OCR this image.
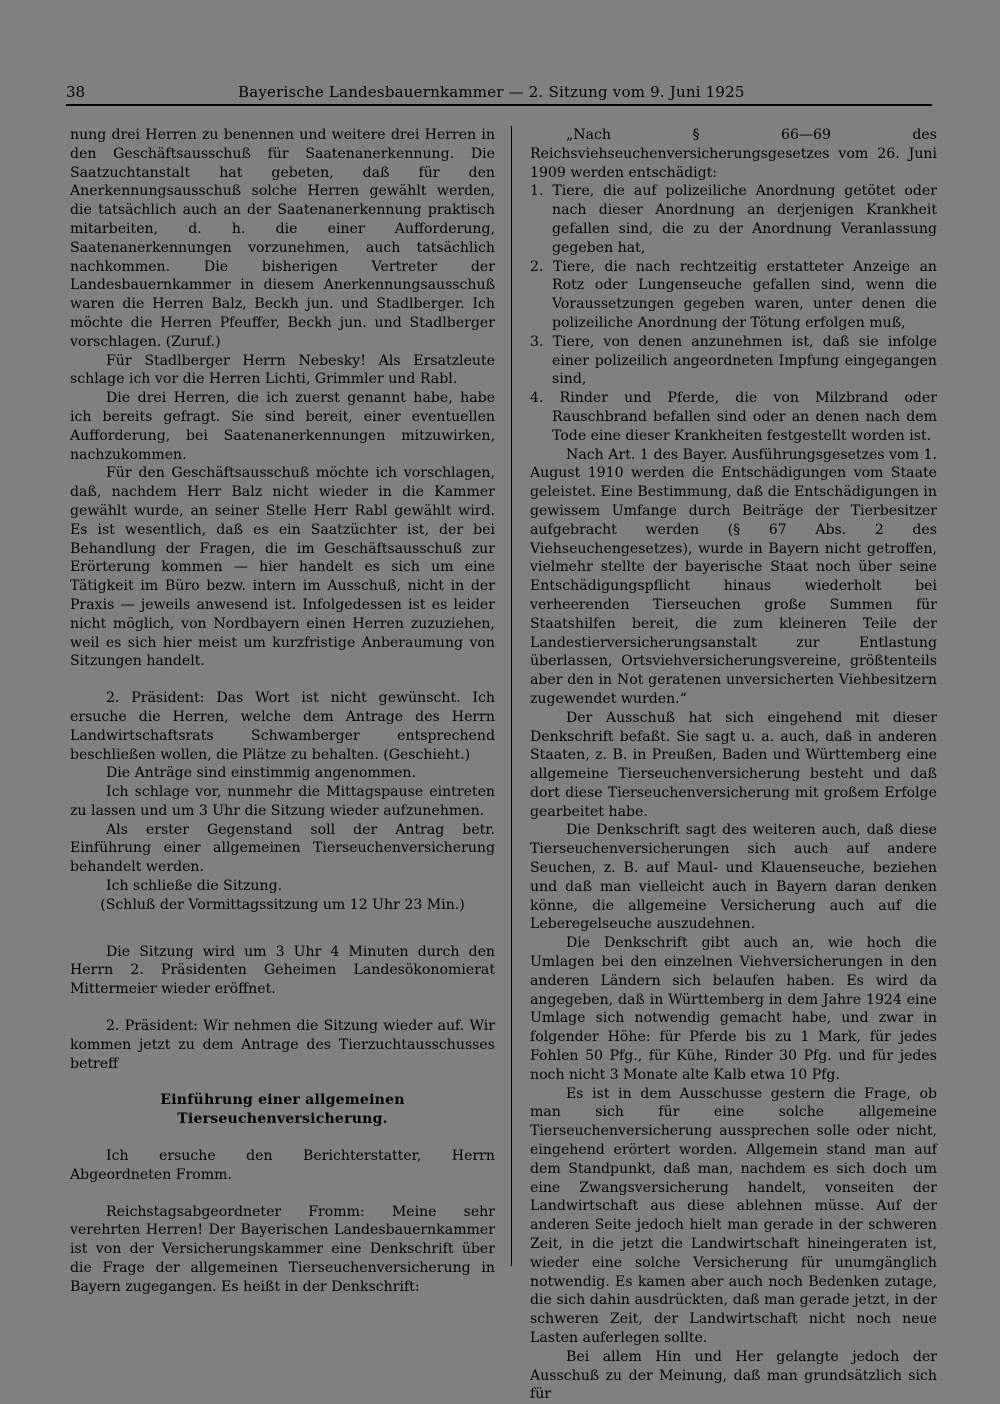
38	Bayerische Landesbauernkammer — 2. Sitzung vom 9. Juni 1925

nung drei Herren zu benennen und weitere drei Herren in den Geschäftsausschuß für Saatenanerkennung. Die Saatzuchtanstalt hat gebeten, daß für den Anerkennungsausschuß solche Herren gewählt werden, die tatsächlich auch an der Saatenanerkennung praktisch mitarbeiten, d. h. die einer Aufforderung, Saatenanerkennungen vorzunehmen, auch tatsächlich nachkommen. Die bisherigen Vertreter der Landesbauernkammer in diesem Anerkennungsausschuß waren die Herren Balz, Beckh jun. und Stadlberger. Ich möchte die Herren Pfeuffer, Beckh jun. und Stadlberger vorschlagen. (Zuruf.)

Für Stadlberger Herrn Nebesky! Als Ersatzleute schlage ich vor die Herren Lichti, Grimmler und Rabl.

Die drei Herren, die ich zuerst genannt habe, habe ich bereits gefragt. Sie sind bereit, einer eventuellen Aufforderung, bei Saatenanerkennungen mitzuwirken, nachzukommen.

Für den Geschäftsausschuß möchte ich vorschlagen, daß, nachdem Herr Balz nicht wieder in die Kammer gewählt wurde, an seiner Stelle Herr Rabl gewählt wird. Es ist wesentlich, daß es ein Saatzüchter ist, der bei Behandlung der Fragen, die im Geschäftsausschuß zur Erörterung kommen — hier handelt es sich um eine Tätigkeit im Büro bezw. intern im Ausschuß, nicht in der Praxis — jeweils anwesend ist. Infolgedessen ist es leider nicht möglich, von Nordbayern einen Herren zuzuziehen, weil es sich hier meist um kurzfristige Anberaumung von Sitzungen handelt.

2. Präsident: Das Wort ist nicht gewünscht. Ich ersuche die Herren, welche dem Antrage des Herrn Landwirtschaftsrats Schwamberger entsprechend beschließen wollen, die Plätze zu behalten. (Geschieht.)

Die Anträge sind einstimmig angenommen.

Ich schlage vor, nunmehr die Mittagspause eintreten zu lassen und um 3 Uhr die Sitzung wieder aufzunehmen.

Als erster Gegenstand soll der Antrag betr. Einführung einer allgemeinen Tierseuchenversicherung behandelt werden.

Ich schließe die Sitzung.

(Schluß der Vormittagssitzung um 12 Uhr 23 Min.)

Die Sitzung wird um 3 Uhr 4 Minuten durch den Herrn 2. Präsidenten Geheimen Landesökonomierat Mittermeier wieder eröffnet.

2. Präsident: Wir nehmen die Sitzung wieder auf. Wir kommen jetzt zu dem Antrage des Tierzuchtausschusses betreff

Einführung einer allgemeinen Tierseuchenversicherung.

Ich ersuche den Berichterstatter, Herrn Abgeordneten Fromm.

Reichstagsabgeordneter Fromm: Meine sehr verehrten Herren! Der Bayerischen Landesbauernkammer ist von der Versicherungskammer eine Denkschrift über die Frage der allgemeinen Tierseuchenversicherung in Bayern zugegangen. Es heißt in der Denkschrift:

„Nach § 66—69 des Reichsviehseuchenversicherungsgesetzes vom 26. Juni 1909 werden entschädigt:

1. Tiere, die auf polizeiliche Anordnung getötet oder nach dieser Anordnung an derjenigen Krankheit gefallen sind, die zu der Anordnung Veranlassung gegeben hat,

2. Tiere, die nach rechtzeitig erstatteter Anzeige an Rotz oder Lungenseuche gefallen sind, wenn die Voraussetzungen gegeben waren, unter denen die polizeiliche Anordnung der Tötung erfolgen muß,

3. Tiere, von denen anzunehmen ist, daß sie infolge einer polizeilich angeordneten Impfung eingegangen sind,

4. Rinder und Pferde, die von Milzbrand oder Rauschbrand befallen sind oder an denen nach dem Tode eine dieser Krankheiten festgestellt worden ist.

Nach Art. 1 des Bayer. Ausführungsgesetzes vom 1. August 1910 werden die Entschädigungen vom Staate geleistet. Eine Bestimmung, daß die Entschädigungen in gewissem Umfange durch Beiträge der Tierbesitzer aufgebracht werden (§ 67 Abs. 2 des Viehseuchengesetzes), wurde in Bayern nicht getroffen, vielmehr stellte der bayerische Staat noch über seine Entschädigungspflicht hinaus wiederholt bei verheerenden Tierseuchen große Summen für Staatshilfen bereit, die zum kleineren Teile der Landestierversicherungsanstalt zur Entlastung überlassen, Ortsviehversicherungsvereine, größtenteils aber den in Not geratenen unversicherten Viehbesitzern zugewendet wurden.“

Der Ausschuß hat sich eingehend mit dieser Denkschrift befaßt. Sie sagt u. a. auch, daß in anderen Staaten, z. B. in Preußen, Baden und Württemberg eine allgemeine Tierseuchenversicherung besteht und daß dort diese Tierseuchenversicherung mit großem Erfolge gearbeitet habe.

Die Denkschrift sagt des weiteren auch, daß diese Tierseuchenversicherungen sich auch auf andere Seuchen, z. B. auf Maul- und Klauenseuche, beziehen und daß man vielleicht auch in Bayern daran denken könne, die allgemeine Versicherung auch auf die Leberegelseuche auszudehnen.

Die Denkschrift gibt auch an, wie hoch die Umlagen bei den einzelnen Viehversicherungen in den anderen Ländern sich belaufen haben. Es wird da angegeben, daß in Württemberg in dem Jahre 1924 eine Umlage sich notwendig gemacht habe, und zwar in folgender Höhe: für Pferde bis zu 1 Mark, für jedes Fohlen 50 Pfg., für Kühe, Rinder 30 Pfg. und für jedes noch nicht 3 Monate alte Kalb etwa 10 Pfg.

Es ist in dem Ausschusse gestern die Frage, ob man sich für eine solche allgemeine Tierseuchenversicherung aussprechen solle oder nicht, eingehend erörtert worden. Allgemein stand man auf dem Standpunkt, daß man, nachdem es sich doch um eine Zwangsversicherung handelt, vonseiten der Landwirtschaft aus diese ablehnen müsse. Auf der anderen Seite jedoch hielt man gerade in der schweren Zeit, in die jetzt die Landwirtschaft hineingeraten ist, wieder eine solche Versicherung für unumgänglich notwendig. Es kamen aber auch noch Bedenken zutage, die sich dahin ausdrückten, daß man gerade jetzt, in der schweren Zeit, der Landwirtschaft nicht noch neue Lasten auferlegen sollte.

Bei allem Hin und Her gelangte jedoch der Ausschuß zu der Meinung, daß man grundsätzlich sich für
